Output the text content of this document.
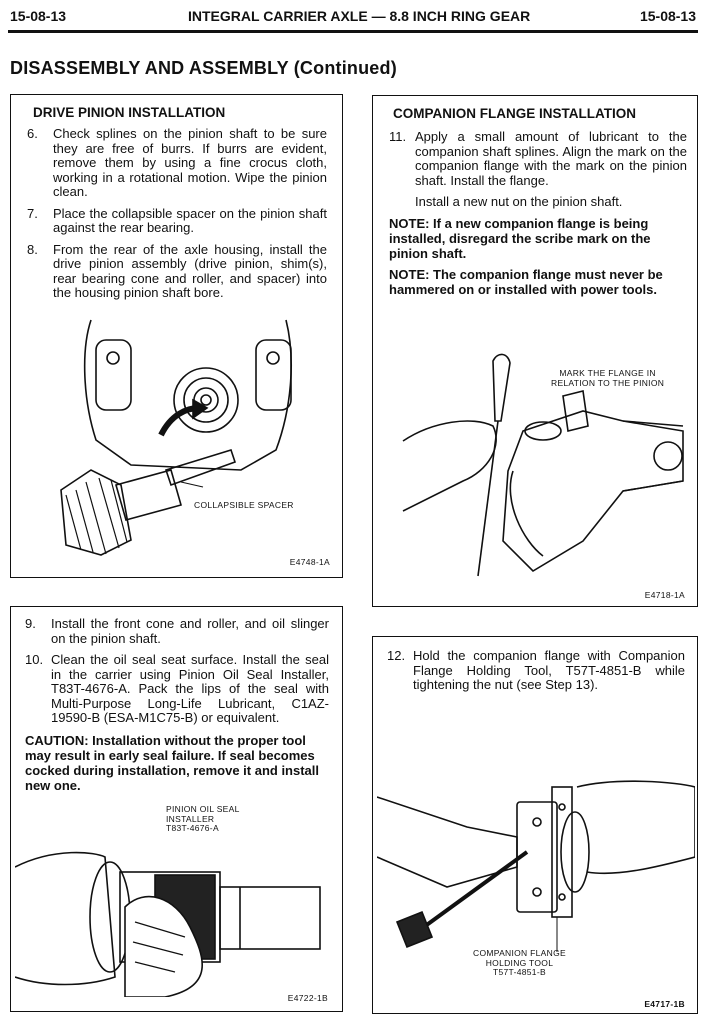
15-08-13	INTEGRAL CARRIER AXLE — 8.8 INCH RING GEAR	15-08-13
DISASSEMBLY AND ASSEMBLY (Continued)
DRIVE PINION INSTALLATION
6.	Check splines on the pinion shaft to be sure they are free of burrs. If burrs are evident, remove them by using a fine crocus cloth, working in a rotational motion. Wipe the pinion clean.
7.	Place the collapsible spacer on the pinion shaft against the rear bearing.
8.	From the rear of the axle housing, install the drive pinion assembly (drive pinion, shim(s), rear bearing cone and roller, and spacer) into the housing pinion shaft bore.
COLLAPSIBLE SPACER
E4748-1A
COMPANION FLANGE INSTALLATION
11. Apply a small amount of lubricant to the companion shaft splines. Align the mark on the companion flange with the mark on the pinion shaft. Install the flange.
Install a new nut on the pinion shaft.
NOTE: If a new companion flange is being installed, disregard the scribe mark on the pinion shaft.
NOTE: The companion flange must never be hammered on or installed with power tools.
MARK THE FLANGE IN
RELATION TO THE PINION
E4718-1A
9.	Install the front cone and roller, and oil slinger on the pinion shaft.
10. Clean the oil seal seat surface. Install the seal in the carrier using Pinion Oil Seal Installer, T83T-4676-A. Pack the lips of the seal with Multi-Purpose Long-Life Lubricant, C1AZ-19590-B (ESA-M1C75-B) or equivalent.
CAUTION: Installation without the proper tool may result in early seal failure. If seal becomes cocked during installation, remove it and install new one.
PINION OIL SEAL
INSTALLER
T83T-4676-A
E4722-1B
12. Hold the companion flange with Companion Flange Holding Tool, T57T-4851-B while tightening the nut (see Step 13).
COMPANION FLANGE
HOLDING TOOL
T57T-4851-B
E4717-1B
